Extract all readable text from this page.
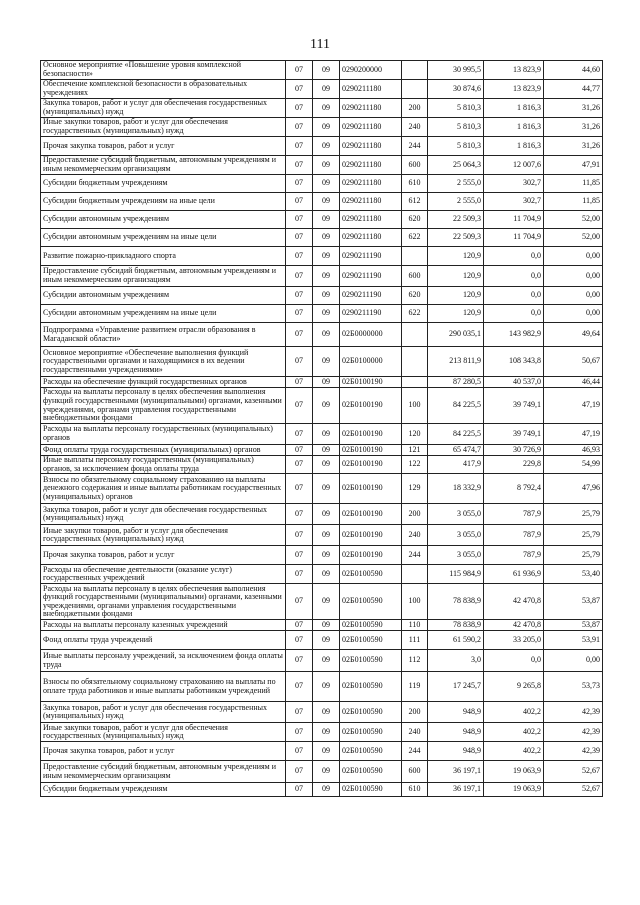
111
Основное мероприятие «Повышение уровня комплексной безопасности»	07	09	0290200000		30 995,5	13 823,9	44,60
Обеспечение комплексной безопасности в образовательных учреждениях	07	09	0290211180		30 874,6	13 823,9	44,77
Закупка товаров, работ и услуг для обеспечения государственных (муниципальных) нужд	07	09	0290211180	200	5 810,3	1 816,3	31,26
Иные закупки товаров, работ и услуг для обеспечения государственных (муниципальных) нужд	07	09	0290211180	240	5 810,3	1 816,3	31,26
Прочая закупка товаров, работ и услуг	07	09	0290211180	244	5 810,3	1 816,3	31,26
Предоставление субсидий бюджетным, автономным учреждениям и иным некоммерческим организациям	07	09	0290211180	600	25 064,3	12 007,6	47,91
Субсидии бюджетным учреждениям	07	09	0290211180	610	2 555,0	302,7	11,85
Субсидии бюджетным учреждениям на иные цели	07	09	0290211180	612	2 555,0	302,7	11,85
Субсидии автономным учреждениям	07	09	0290211180	620	22 509,3	11 704,9	52,00
Субсидии автономным учреждениям на иные цели	07	09	0290211180	622	22 509,3	11 704,9	52,00
Развитие пожарно-прикладного спорта	07	09	0290211190		120,9	0,0	0,00
Предоставление субсидий бюджетным, автономным учреждениям и иным некоммерческим организациям	07	09	0290211190	600	120,9	0,0	0,00
Субсидии автономным учреждениям	07	09	0290211190	620	120,9	0,0	0,00
Субсидии автономным учреждениям на иные цели	07	09	0290211190	622	120,9	0,0	0,00
Подпрограмма «Управление развитием отрасли образования в Магаданской области»	07	09	02Б0000000		290 035,1	143 982,9	49,64
Основное мероприятие «Обеспечение выполнения функций государственными органами и находящимися в их ведении государственными учреждениями»	07	09	02Б0100000		213 811,9	108 343,8	50,67
Расходы на обеспечение функций государственных органов	07	09	02Б0100190		87 280,5	40 537,0	46,44
Расходы на выплаты персоналу в целях обеспечения выполнения функций государственными (муниципальными) органами, казенными учреждениями, органами управления государственными внебюджетными фондами	07	09	02Б0100190	100	84 225,5	39 749,1	47,19
Расходы на выплаты персоналу государственных (муниципальных) органов	07	09	02Б0100190	120	84 225,5	39 749,1	47,19
Фонд оплаты труда государственных (муниципальных) органов	07	09	02Б0100190	121	65 474,7	30 726,9	46,93
Иные выплаты персоналу государственных (муниципальных) органов, за исключением фонда оплаты труда	07	09	02Б0100190	122	417,9	229,8	54,99
Взносы по обязательному социальному страхованию на выплаты денежного содержания и иные выплаты работникам государственных (муниципальных) органов	07	09	02Б0100190	129	18 332,9	8 792,4	47,96
Закупка товаров, работ и услуг для обеспечения государственных (муниципальных) нужд	07	09	02Б0100190	200	3 055,0	787,9	25,79
Иные закупки товаров, работ и услуг для обеспечения государственных (муниципальных) нужд	07	09	02Б0100190	240	3 055,0	787,9	25,79
Прочая закупка товаров, работ и услуг	07	09	02Б0100190	244	3 055,0	787,9	25,79
Расходы на обеспечение деятельности (оказание услуг) государственных учреждений	07	09	02Б0100590		115 984,9	61 936,9	53,40
Расходы на выплаты персоналу в целях обеспечения выполнения функций государственными (муниципальными) органами, казенными учреждениями, органами управления государственными внебюджетными фондами	07	09	02Б0100590	100	78 838,9	42 470,8	53,87
Расходы на выплаты персоналу казенных учреждений	07	09	02Б0100590	110	78 838,9	42 470,8	53,87
Фонд оплаты труда учреждений	07	09	02Б0100590	111	61 590,2	33 205,0	53,91
Иные выплаты персоналу учреждений, за исключением фонда оплаты труда	07	09	02Б0100590	112	3,0	0,0	0,00
Взносы по обязательному социальному страхованию на выплаты по оплате труда работников и иные выплаты работникам учреждений	07	09	02Б0100590	119	17 245,7	9 265,8	53,73
Закупка товаров, работ и услуг для обеспечения государственных (муниципальных) нужд	07	09	02Б0100590	200	948,9	402,2	42,39
Иные закупки товаров, работ и услуг для обеспечения государственных (муниципальных) нужд	07	09	02Б0100590	240	948,9	402,2	42,39
Прочая закупка товаров, работ и услуг	07	09	02Б0100590	244	948,9	402,2	42,39
Предоставление субсидий бюджетным, автономным учреждениям и иным некоммерческим организациям	07	09	02Б0100590	600	36 197,1	19 063,9	52,67
Субсидии бюджетным учреждениям	07	09	02Б0100590	610	36 197,1	19 063,9	52,67
